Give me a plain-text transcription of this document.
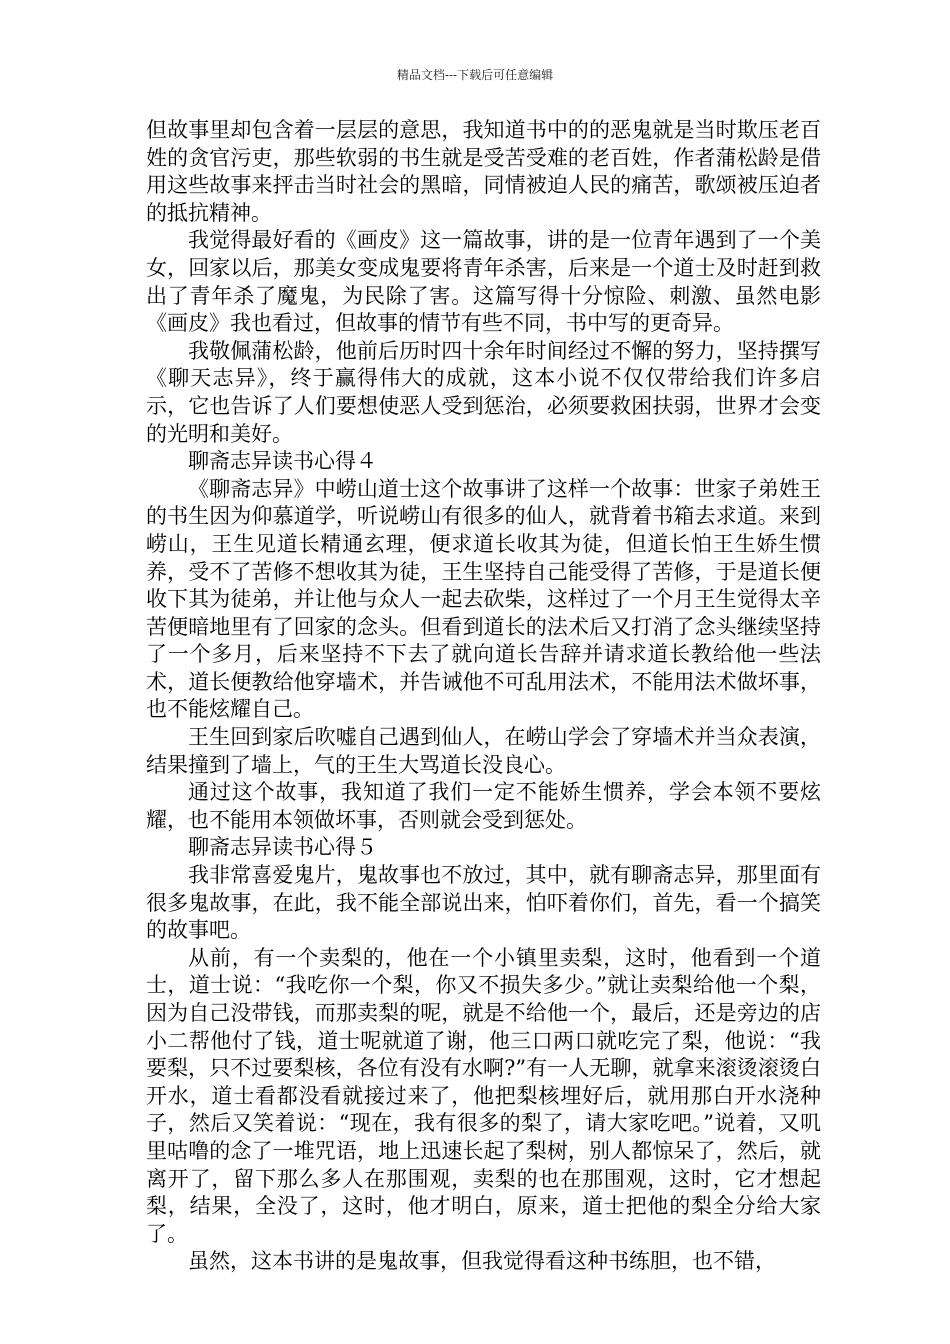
精品文档---下载后可任意编辑

但故事里却包含着一层层的意思，我知道书中的的恶鬼就是当时欺压老百姓的贪官污吏，那些软弱的书生就是受苦受难的老百姓，作者蒲松龄是借用这些故事来抨击当时社会的黑暗，同情被迫人民的痛苦，歌颂被压迫者的抵抗精神。

我觉得最好看的《画皮》这一篇故事，讲的是一位青年遇到了一个美女，回家以后，那美女变成鬼要将青年杀害，后来是一个道士及时赶到救出了青年杀了魔鬼，为民除了害。这篇写得十分惊险、刺激、虽然电影《画皮》我也看过，但故事的情节有些不同，书中写的更奇异。

我敬佩蒲松龄，他前后历时四十余年时间经过不懈的努力，坚持撰写《聊天志异》，终于赢得伟大的成就，这本小说不仅仅带给我们许多启示，它也告诉了人们要想使恶人受到惩治，必须要救困扶弱，世界才会变的光明和美好。

聊斋志异读书心得４

《聊斋志异》中崂山道士这个故事讲了这样一个故事：世家子弟姓王的书生因为仰慕道学，听说崂山有很多的仙人，就背着书箱去求道。来到崂山，王生见道长精通玄理，便求道长收其为徒，但道长怕王生娇生惯养，受不了苦修不想收其为徒，王生坚持自己能受得了苦修，于是道长便收下其为徒弟，并让他与众人一起去砍柴，这样过了一个月王生觉得太辛苦便暗地里有了回家的念头。但看到道长的法术后又打消了念头继续坚持了一个多月，后来坚持不下去了就向道长告辞并请求道长教给他一些法术，道长便教给他穿墙术，并告诫他不可乱用法术，不能用法术做坏事，也不能炫耀自己。

王生回到家后吹嘘自己遇到仙人，在崂山学会了穿墙术并当众表演，结果撞到了墙上，气的王生大骂道长没良心。

通过这个故事，我知道了我们一定不能娇生惯养，学会本领不要炫耀，也不能用本领做坏事，否则就会受到惩处。

聊斋志异读书心得５

我非常喜爱鬼片，鬼故事也不放过，其中，就有聊斋志异，那里面有很多鬼故事，在此，我不能全部说出来，怕吓着你们，首先，看一个搞笑的故事吧。

从前，有一个卖梨的，他在一个小镇里卖梨，这时，他看到一个道士，道士说：“我吃你一个梨，你又不损失多少。”就让卖梨给他一个梨，因为自己没带钱，而那卖梨的呢，就是不给他一个，最后，还是旁边的店小二帮他付了钱，道士呢就道了谢，他三口两口就吃完了梨，他说：“我要梨，只不过要梨核，各位有没有水啊?”有一人无聊，就拿来滚烫滚烫白开水，道士看都没看就接过来了，他把梨核埋好后，就用那白开水浇种子，然后又笑着说：“现在，我有很多的梨了，请大家吃吧。”说着，又叽里咕噜的念了一堆咒语，地上迅速长起了梨树，别人都惊呆了，然后，就离开了，留下那么多人在那围观，卖梨的也在那围观，这时，它才想起梨，结果，全没了，这时，他才明白，原来，道士把他的梨全分给大家了。

虽然，这本书讲的是鬼故事，但我觉得看这种书练胆，也不错，
